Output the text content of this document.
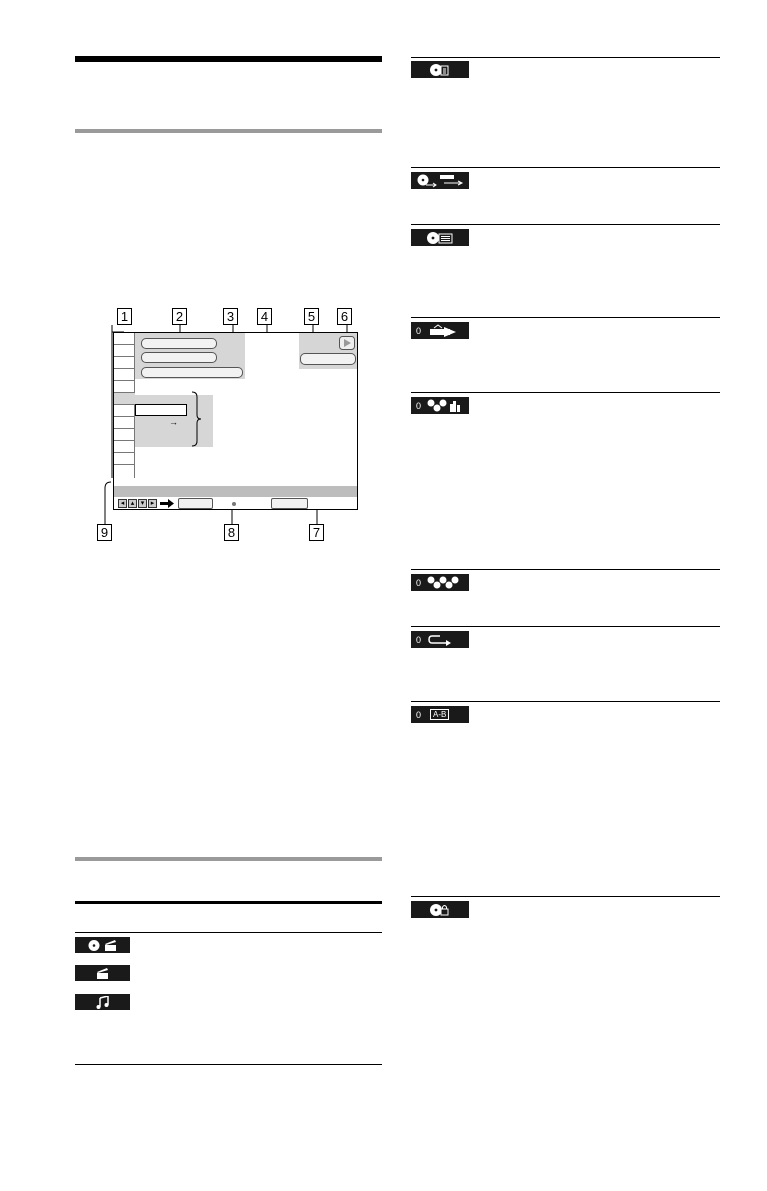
1	2	3 4	5 6
9	8	7
→
◂ ▴ ▾ ▸
0
0
0
0
0	A-B
